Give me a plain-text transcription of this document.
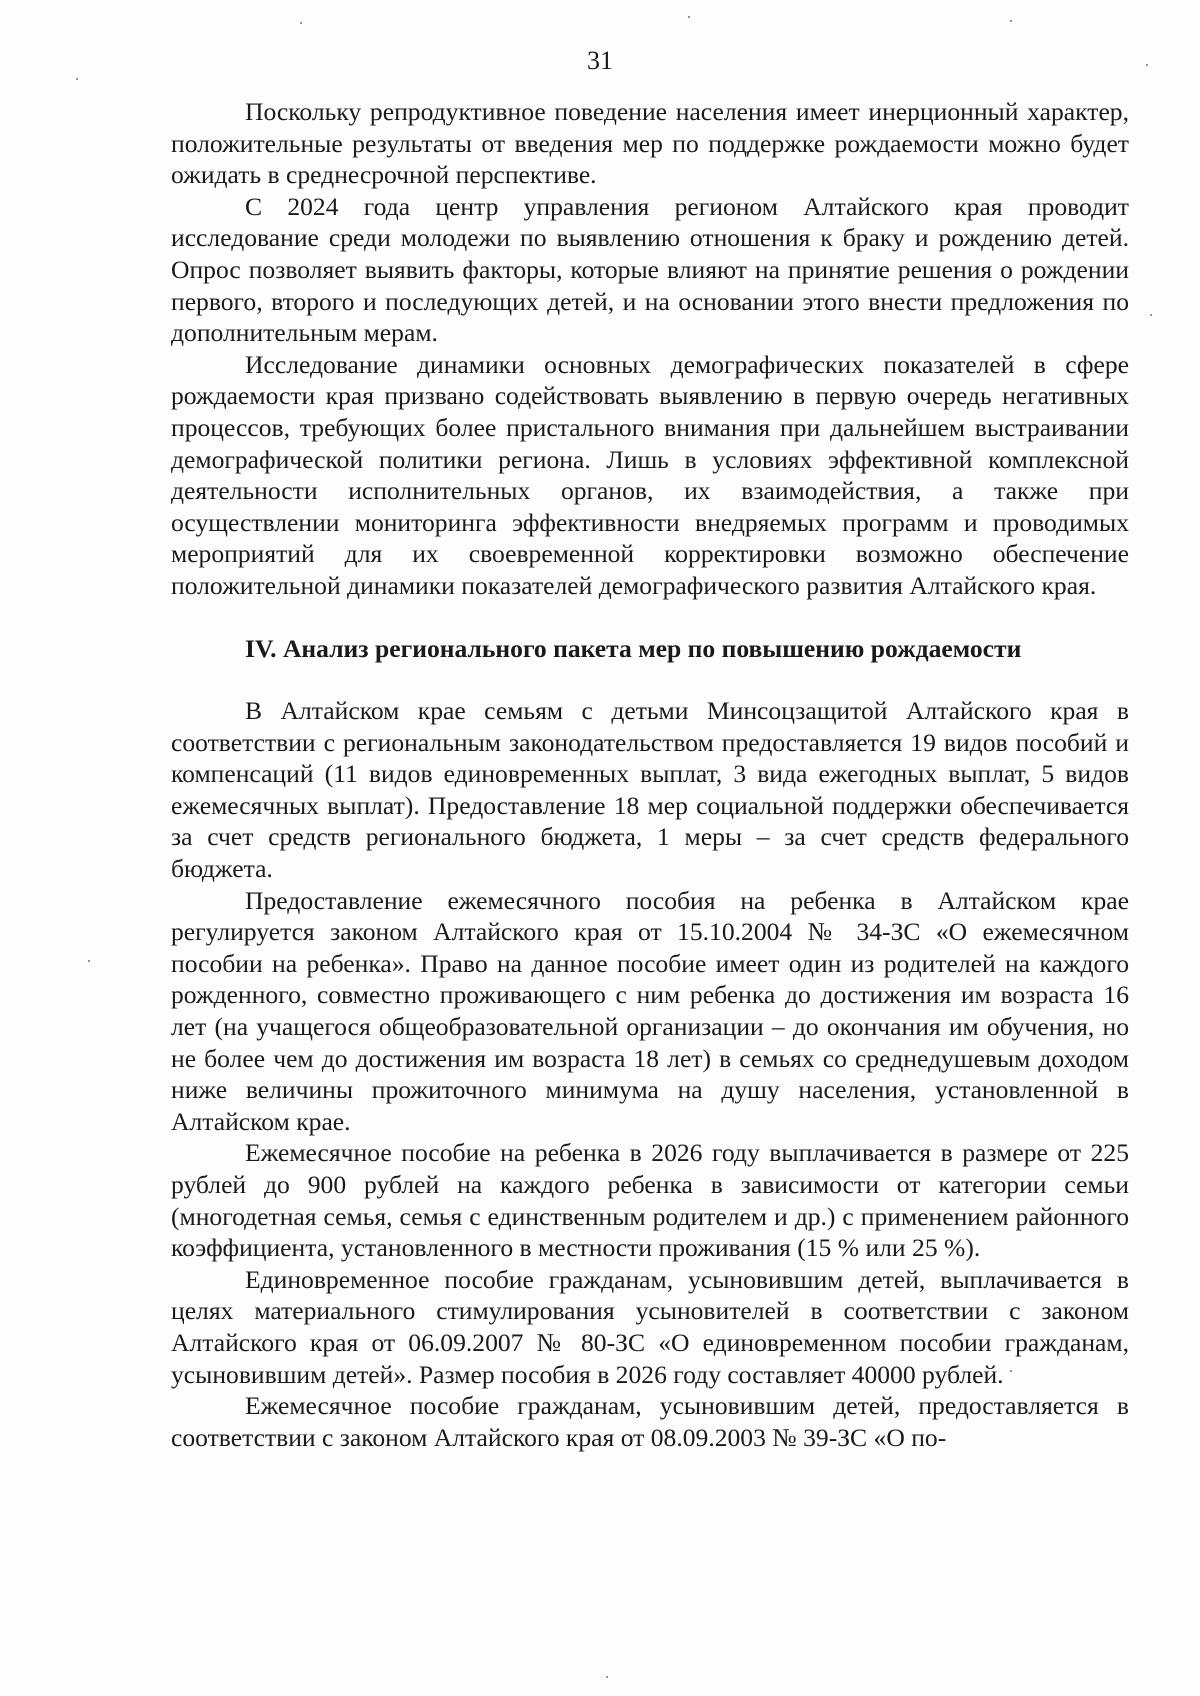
31

Поскольку репродуктивное поведение населения имеет инерционный характер, положительные результаты от введения мер по поддержке рождаемости можно будет ожидать в среднесрочной перспективе.

С 2024 года центр управления регионом Алтайского края проводит исследование среди молодежи по выявлению отношения к браку и рождению детей. Опрос позволяет выявить факторы, которые влияют на принятие решения о рождении первого, второго и последующих детей, и на основании этого внести предложения по дополнительным мерам.

Исследование динамики основных демографических показателей в сфере рождаемости края призвано содействовать выявлению в первую очередь негативных процессов, требующих более пристального внимания при дальнейшем выстраивании демографической политики региона. Лишь в условиях эффективной комплексной деятельности исполнительных органов, их взаимодействия, а также при осуществлении мониторинга эффективности внедряемых программ и проводимых мероприятий для их своевременной корректировки возможно обеспечение положительной динамики показателей демографического развития Алтайского края.

IV. Анализ регионального пакета мер по повышению рождаемости

В Алтайском крае семьям с детьми Минсоцзащитой Алтайского края в соответствии с региональным законодательством предоставляется 19 видов пособий и компенсаций (11 видов единовременных выплат, 3 вида ежегодных выплат, 5 видов ежемесячных выплат). Предоставление 18 мер социальной поддержки обеспечивается за счет средств регионального бюджета, 1 меры – за счет средств федерального бюджета.

Предоставление ежемесячного пособия на ребенка в Алтайском крае регулируется законом Алтайского края от 15.10.2004 № 34-ЗС «О ежемесячном пособии на ребенка». Право на данное пособие имеет один из родителей на каждого рожденного, совместно проживающего с ним ребенка до достижения им возраста 16 лет (на учащегося общеобразовательной организации – до окончания им обучения, но не более чем до достижения им возраста 18 лет) в семьях со среднедушевым доходом ниже величины прожиточного минимума на душу населения, установленной в Алтайском крае.

Ежемесячное пособие на ребенка в 2026 году выплачивается в размере от 225 рублей до 900 рублей на каждого ребенка в зависимости от категории семьи (многодетная семья, семья с единственным родителем и др.) с применением районного коэффициента, установленного в местности проживания (15 % или 25 %).

Единовременное пособие гражданам, усыновившим детей, выплачивается в целях материального стимулирования усыновителей в соответствии с законом Алтайского края от 06.09.2007 № 80-ЗС «О единовременном пособии гражданам, усыновившим детей». Размер пособия в 2026 году составляет 40000 рублей.

Ежемесячное пособие гражданам, усыновившим детей, предоставляется в соответствии с законом Алтайского края от 08.09.2003 № 39-ЗС «О по-
